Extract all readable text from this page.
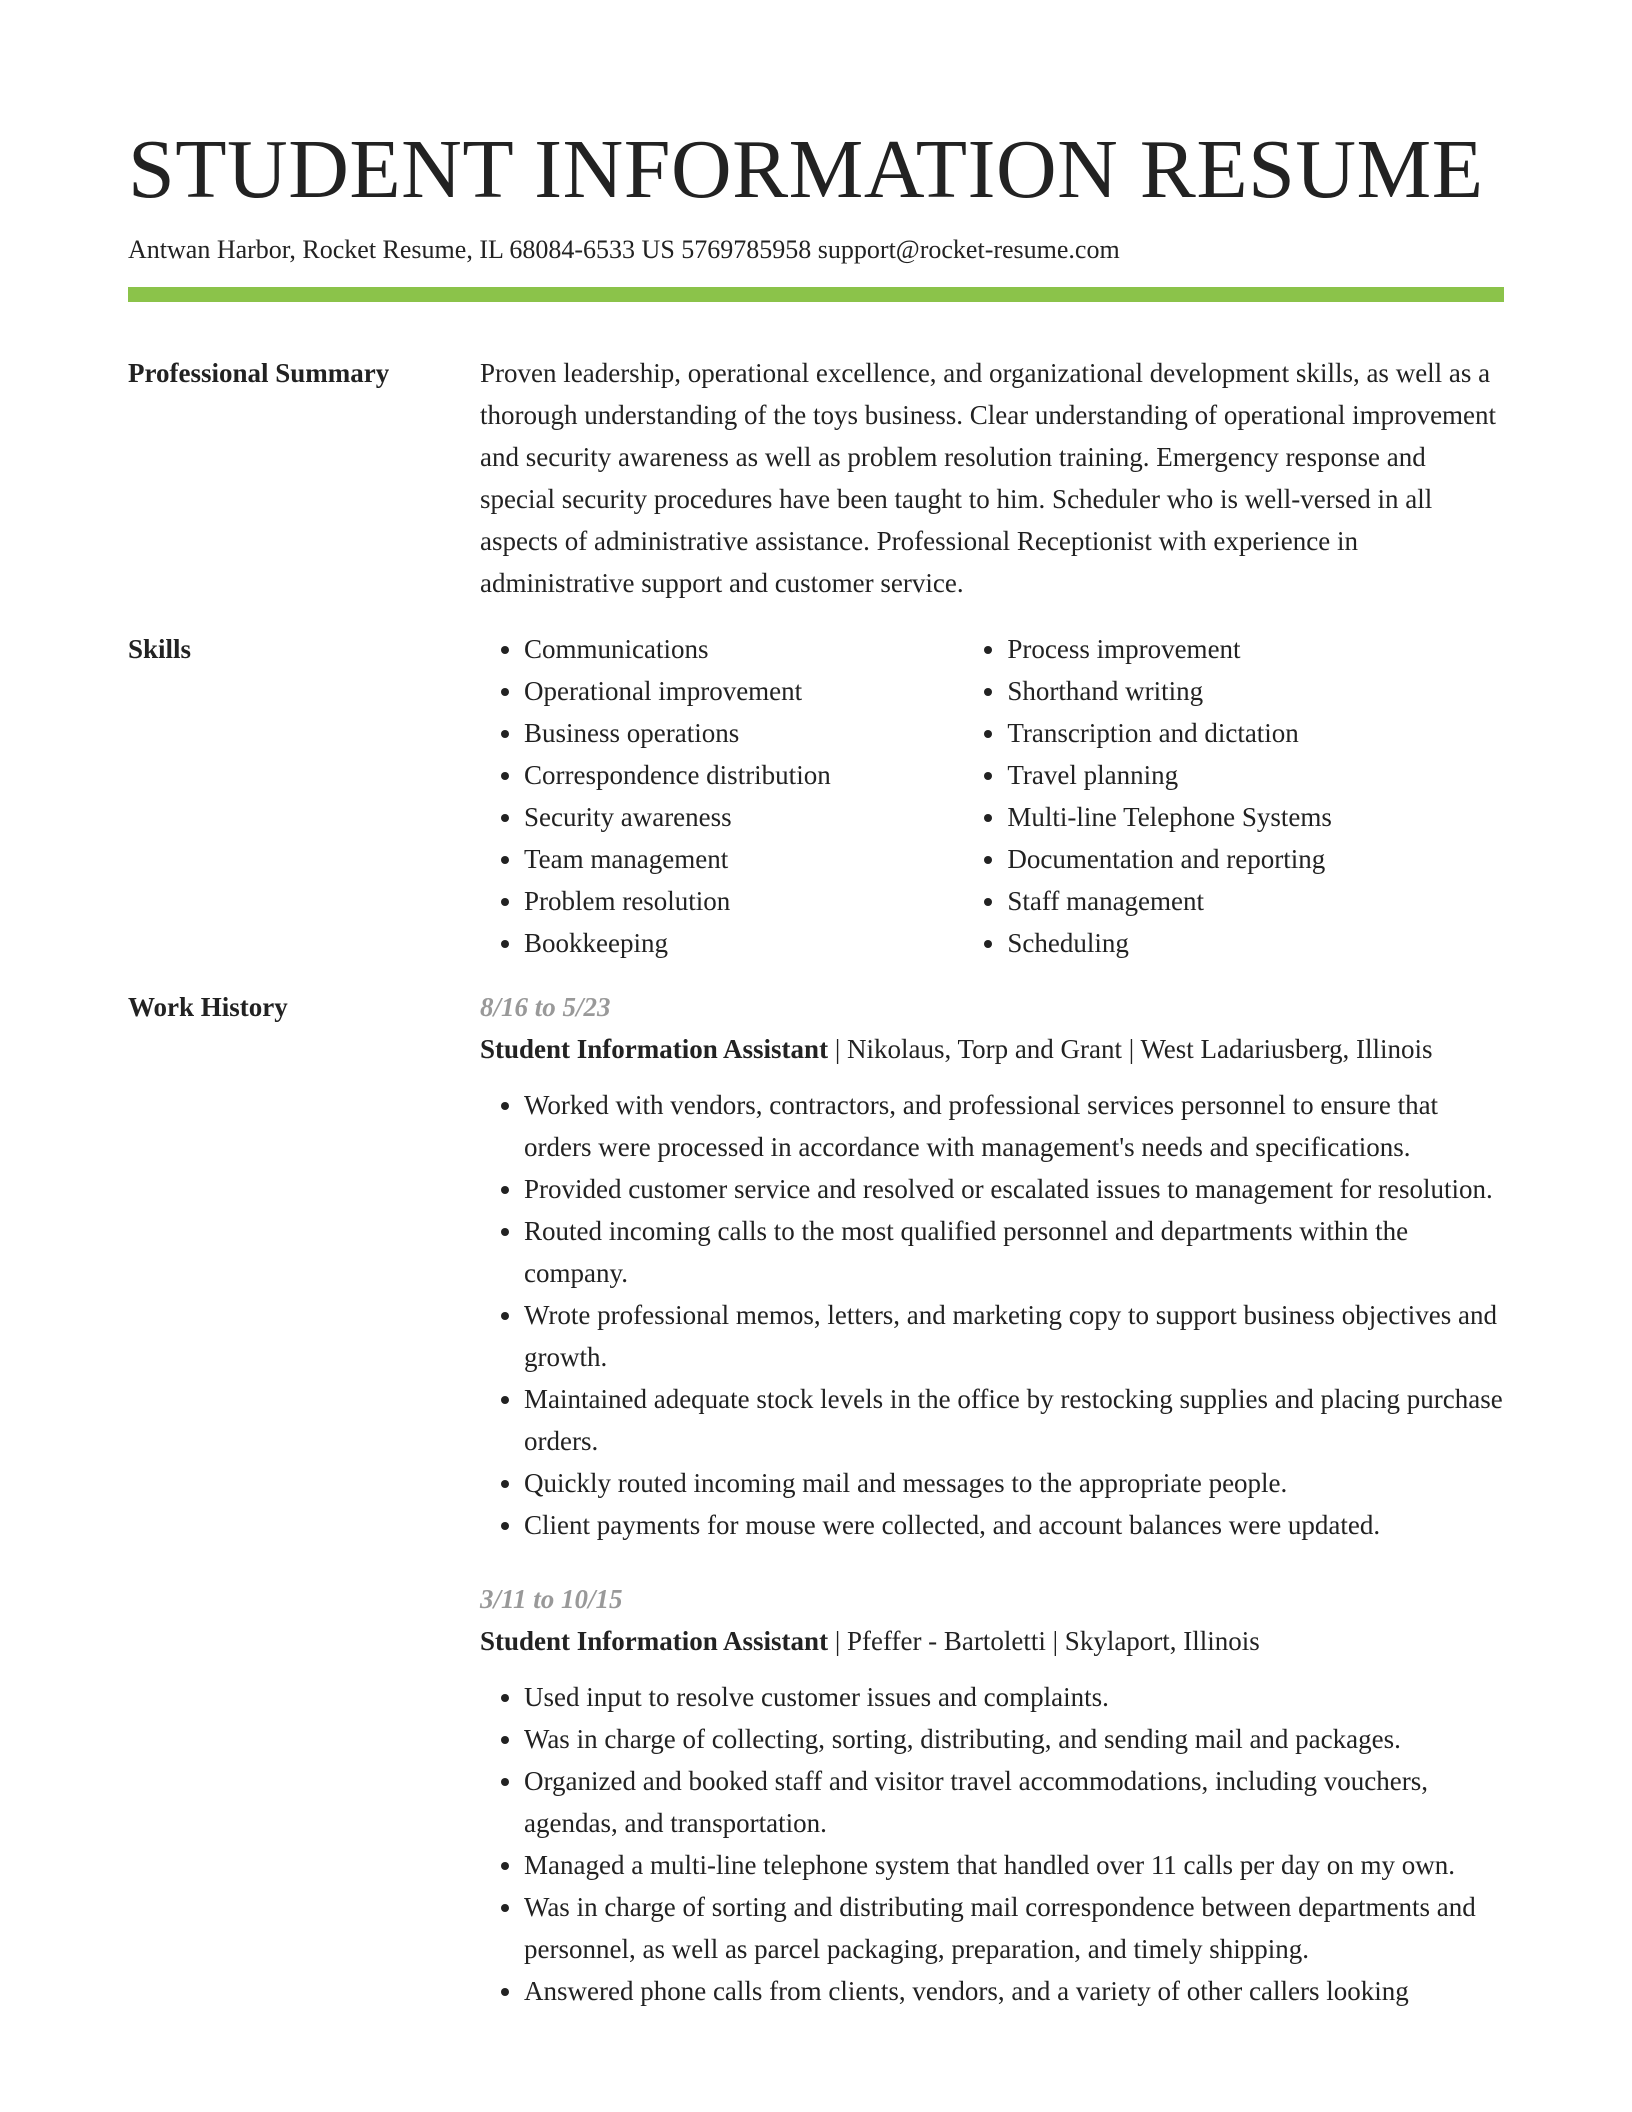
STUDENT INFORMATION RESUME
Antwan Harbor, Rocket Resume, IL 68084-6533 US 5769785958 support@rocket-resume.com
Professional Summary	Proven leadership, operational excellence, and organizational development skills, as well as a thorough understanding of the toys business. Clear understanding of operational improvement and security awareness as well as problem resolution training. Emergency response and special security procedures have been taught to him. Scheduler who is well-versed in all aspects of administrative assistance. Professional Receptionist with experience in administrative support and customer service.

Skills
•	Communications
• Operational improvement
• Business operations
• Correspondence distribution
• Security awareness
• Team management
• Problem resolution
• Bookkeeping
• Process improvement
• Shorthand writing
• Transcription and dictation
• Travel planning
• Multi-line Telephone Systems
• Documentation and reporting
• Staff management
• Scheduling
Work History	8/16 to 5/23
Student Information Assistant | Nikolaus, Torp and Grant | West Ladariusberg, Illinois
• Worked with vendors, contractors, and professional services personnel to ensure that orders were processed in accordance with management's needs and specifications.
• Provided customer service and resolved or escalated issues to management for resolution.
• Routed incoming calls to the most qualified personnel and departments within the company.
• Wrote professional memos, letters, and marketing copy to support business objectives and growth.
• Maintained adequate stock levels in the office by restocking supplies and placing purchase orders.
• Quickly routed incoming mail and messages to the appropriate people.
• Client payments for mouse were collected, and account balances were updated.
3/11 to 10/15
Student Information Assistant | Pfeffer - Bartoletti | Skylaport, Illinois
• Used input to resolve customer issues and complaints.
• Was in charge of collecting, sorting, distributing, and sending mail and packages.
• Organized and booked staff and visitor travel accommodations, including vouchers, agendas, and transportation.
• Managed a multi-line telephone system that handled over 11 calls per day on my own.
• Was in charge of sorting and distributing mail correspondence between departments and personnel, as well as parcel packaging, preparation, and timely shipping.
• Answered phone calls from clients, vendors, and a variety of other callers looking
